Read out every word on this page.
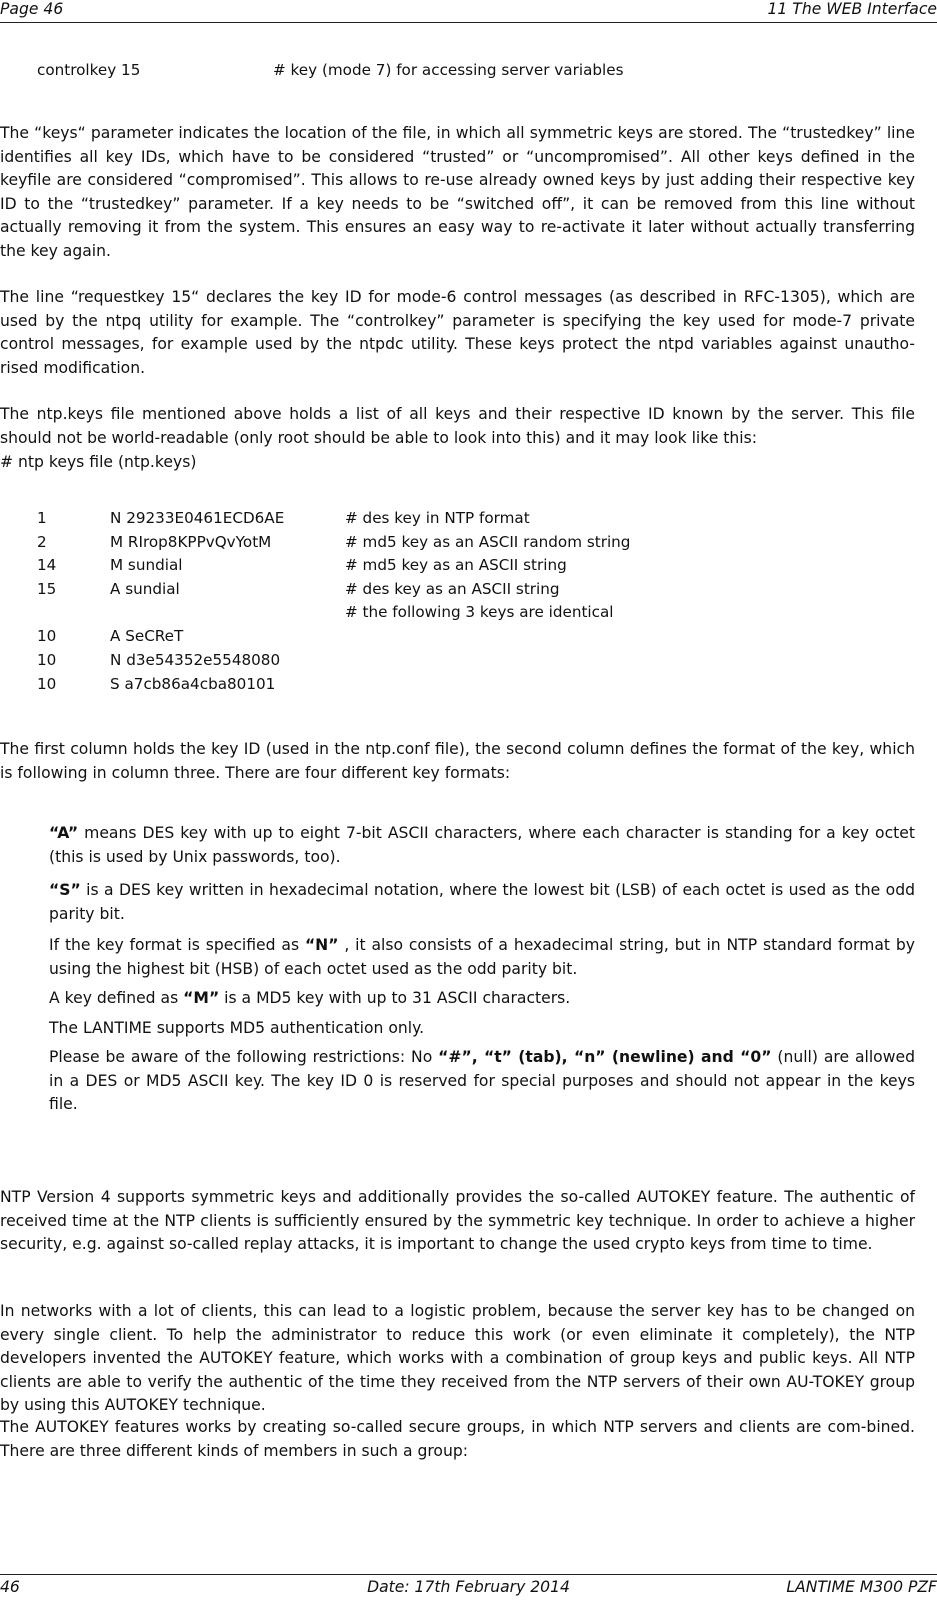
Page 46	11 The WEB Interface
controlkey 15	# key (mode 7) for accessing server variables

The “keys“ parameter indicates the location of the file, in which all symmetric keys are stored. The “trustedkey” line identifies all key IDs, which have to be considered “trusted” or “uncompromised”. All other keys defined in the keyfile are considered “compromised”. This allows to re-use already owned keys by just adding their respective key ID to the “trustedkey” parameter. If a key needs to be “switched off”, it can be removed from this line without actually removing it from the system. This ensures an easy way to re-activate it later without actually transferring the key again.

The line “requestkey 15“ declares the key ID for mode-6 control messages (as described in RFC-1305), which are used by the ntpq utility for example. The “controlkey” parameter is specifying the key used for mode-7 private control messages, for example used by the ntpdc utility. These keys protect the ntpd variables against unautho-rised modification.

The ntp.keys file mentioned above holds a list of all keys and their respective ID known by the server. This file should not be world-readable (only root should be able to look into this) and it may look like this:

# ntp keys file (ntp.keys)
1	N 29233E0461ECD6AE	# des key in NTP format
2	M RIrop8KPPvQvYotM	# md5 key as an ASCII random string
14	M sundial	# md5 key as an ASCII string
15	A sundial	# des key as an ASCII string
# the following 3 keys are identical
10	A SeCReT
10	N d3e54352e5548080
10	S a7cb86a4cba80101

The first column holds the key ID (used in the ntp.conf file), the second column defines the format of the key, which is following in column three. There are four different key formats:

“A” means DES key with up to eight 7-bit ASCII characters, where each character is standing for a key octet (this is used by Unix passwords, too).

“S” is a DES key written in hexadecimal notation, where the lowest bit (LSB) of each octet is used as the odd parity bit.

If the key format is specified as “N” , it also consists of a hexadecimal string, but in NTP standard format by using the highest bit (HSB) of each octet used as the odd parity bit.

A key defined as “M” is a MD5 key with up to 31 ASCII characters.

The LANTIME supports MD5 authentication only.

Please be aware of the following restrictions: No “#”, “t” (tab), “n” (newline) and “0” (null) are allowed in a DES or MD5 ASCII key. The key ID 0 is reserved for special purposes and should not appear in the keys file.

NTP Version 4 supports symmetric keys and additionally provides the so-called AUTOKEY feature. The authentic of received time at the NTP clients is sufficiently ensured by the symmetric key technique. In order to achieve a higher security, e.g. against so-called replay attacks, it is important to change the used crypto keys from time to time.

In networks with a lot of clients, this can lead to a logistic problem, because the server key has to be changed on every single client. To help the administrator to reduce this work (or even eliminate it completely), the NTP developers invented the AUTOKEY feature, which works with a combination of group keys and public keys. All NTP clients are able to verify the authentic of the time they received from the NTP servers of their own AU-TOKEY group by using this AUTOKEY technique.

The AUTOKEY features works by creating so-called secure groups, in which NTP servers and clients are com-bined. There are three different kinds of members in such a group:

46	Date: 17th February 2014	LANTIME M300 PZF
